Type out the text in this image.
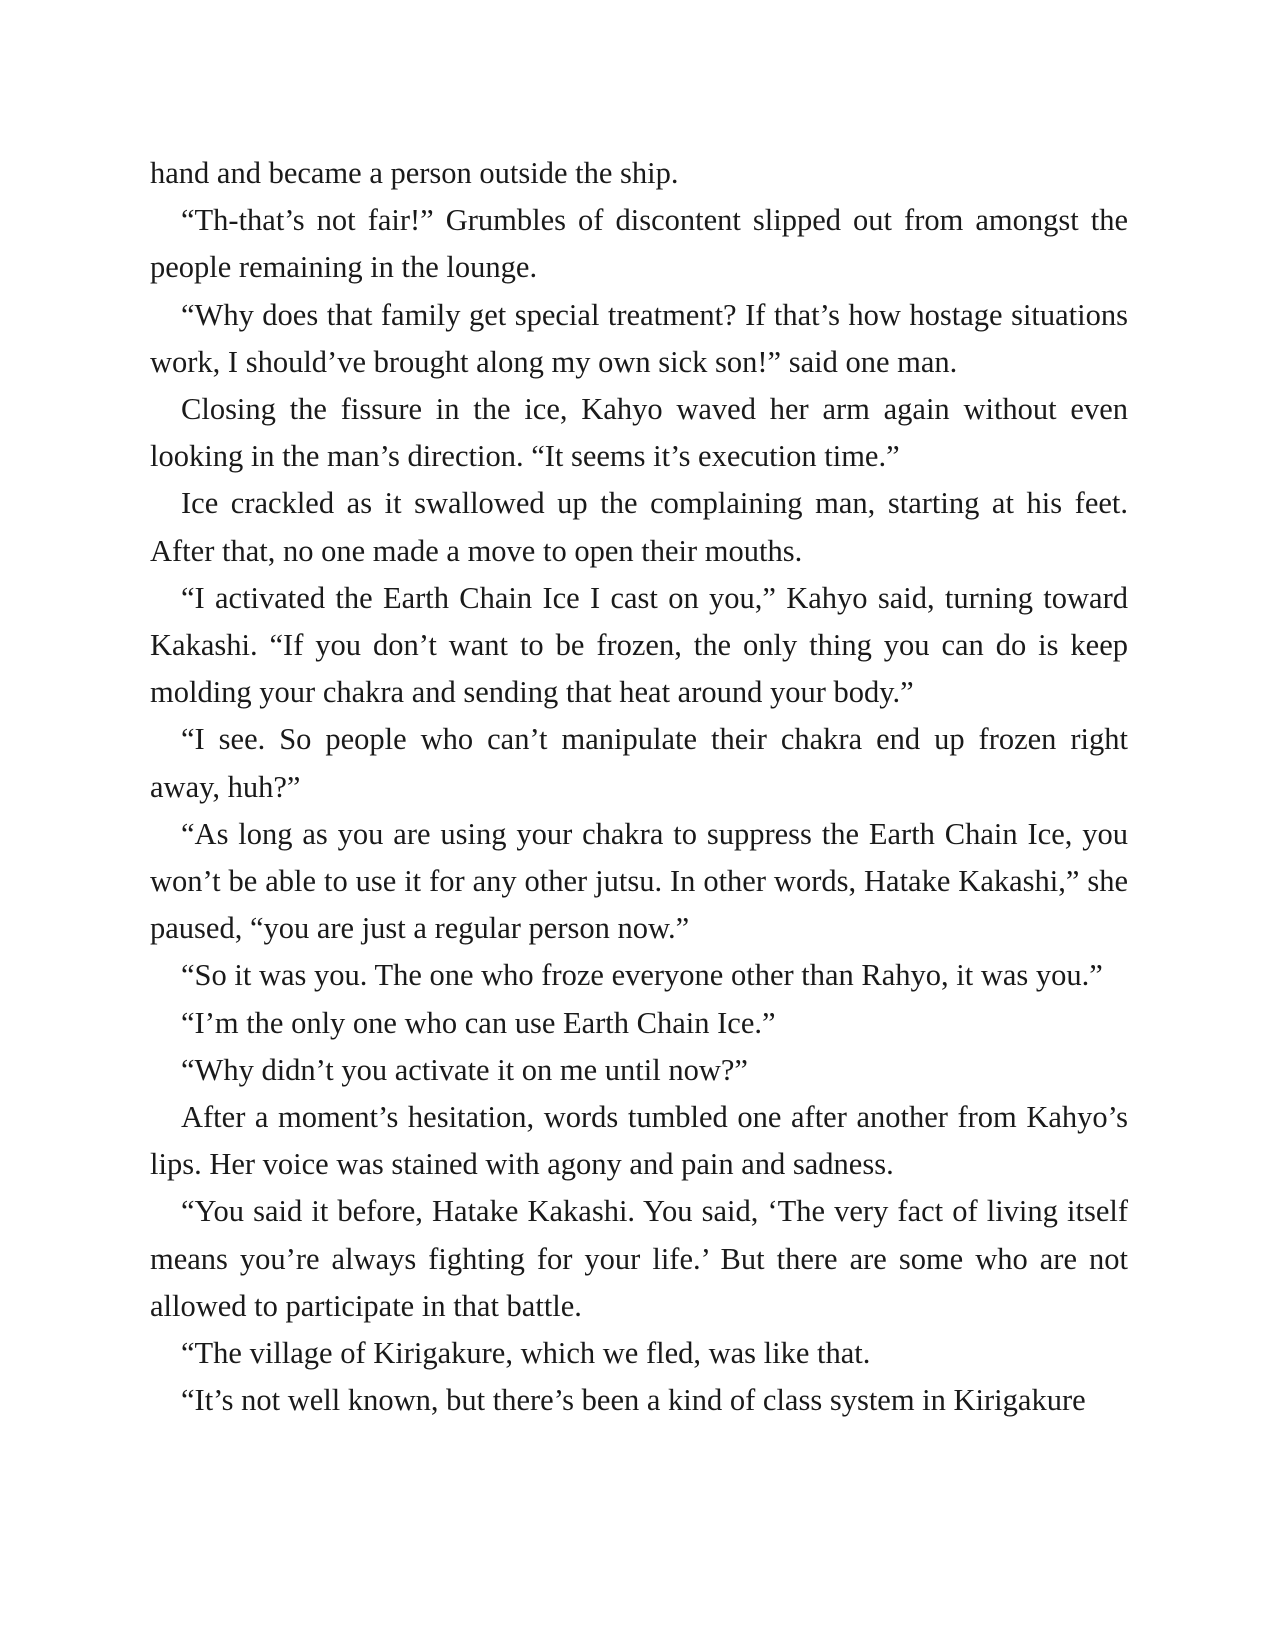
hand and became a person outside the ship.

“Th-that’s not fair!” Grumbles of discontent slipped out from amongst the people remaining in the lounge.

“Why does that family get special treatment? If that’s how hostage situations work, I should’ve brought along my own sick son!” said one man.

Closing the fissure in the ice, Kahyo waved her arm again without even looking in the man’s direction. “It seems it’s execution time.”

Ice crackled as it swallowed up the complaining man, starting at his feet. After that, no one made a move to open their mouths.

“I activated the Earth Chain Ice I cast on you,” Kahyo said, turning toward Kakashi. “If you don’t want to be frozen, the only thing you can do is keep molding your chakra and sending that heat around your body.”

“I see. So people who can’t manipulate their chakra end up frozen right away, huh?”

“As long as you are using your chakra to suppress the Earth Chain Ice, you won’t be able to use it for any other jutsu. In other words, Hatake Kakashi,” she paused, “you are just a regular person now.”

“So it was you. The one who froze everyone other than Rahyo, it was you.”

“I’m the only one who can use Earth Chain Ice.”

“Why didn’t you activate it on me until now?”

After a moment’s hesitation, words tumbled one after another from Kahyo’s lips. Her voice was stained with agony and pain and sadness.

“You said it before, Hatake Kakashi. You said, ‘The very fact of living itself means you’re always fighting for your life.’ But there are some who are not allowed to participate in that battle.

“The village of Kirigakure, which we fled, was like that.

“It’s not well known, but there’s been a kind of class system in Kirigakure
